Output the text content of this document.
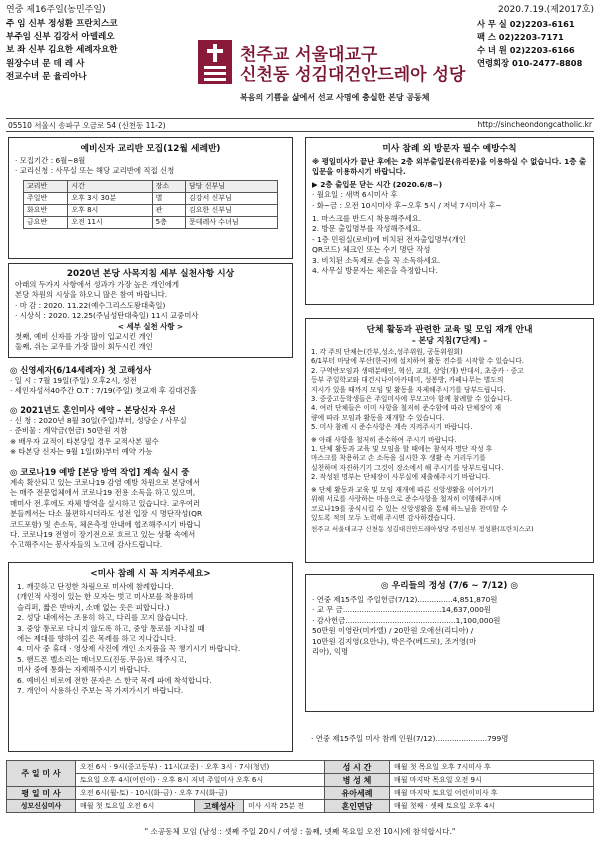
연중 제16주일(농민주일)	2020.7.19.(제2017호)
주 임 신부 정성환 프란치스코
부주임 신부 김강서 아델레오
보 좌 신부 김요한 세례자요한
원장수녀 문 데 레 사
전교수녀 문 율리아나
천주교 서울대교구
신천동 성김대건안드레아 성당
사 무 실 02)2203-6161
팩 스 02)2203-7171
수 녀 원 02)2203-6166
연령회장 010-2477-8808
복음의 기쁨을 삶에서 선교 사명에 충실한 본당 공동체
05510 서울시 송파구 오금로 54 (신천동 11-2)	http://sincheondongcatholic.kr
예비신자 교리반 모집(12월 세례반)
· 모집기간 : 6월~8월
· 교리신청 : 사무실 또는 해당 교리반에 직접 신청
교리반	시간	장소	담당 신부님
주일반	오후 3시 30분	별	김강서 신부님
화요반	오후 8시	관	김요한 신부님
금요반	오전 11시	5층	문데레사 수녀님
2020년 본당 사목지침 세부 실천사항 시상
아래의 두가지 사항에서 성과가 가장 높은 개인에게
본당 차원의 시상을 하오니 많은 참여 바랍니다.
· 마 감 : 2020. 11.22(예수그리스도왕대축일)
· 시상식 : 2020. 12.25(주님성탄대축일) 11시 교중미사
< 세부 실천 사항 >
첫째, 예비 신자를 가장 많이 입교시킨 개인
둘째, 쉬는 교우를 가장 많이 회두시킨 개인
◎ 신영세자(6/14세례자) 첫 고해성사
· 일 시 : 7월 19일(주일) 오후2시, 성전
· 세인자성서40주간 O.T : 7/19(주일) 첫교재 후 김대건홀
◎ 2021년도 혼인미사 예약 – 본당신자 우선
· 신 청 : 2020년 8월 30일(주일)부터, 성당순 / 사무실
· 준비물 : 계약금(현금) 50만원 지참
※ 배우자 교적이 타본당일 경우 교적사본 필수
※ 타본당 신자는 9월 1일(화)부터 예약 가능
◎ 코로나19 예방 [본당 방역 작업] 계속 실시 중
계속 확산되고 있는 코로나19 감염 예방 차원으로 본당에서
는 매주 전문업체에서 코로나19 전용 소독을 하고 있으며,
매미사 전.후에도 자체 방역을 실시하고 있습니다. 교우여러
분들께서는 다소 불편하시더라도 성전 입장 시 명단작성(QR
코드포함) 및 손소독, 체온측정 안내에 협조해주시기 바랍니
다. 코로나19 전염이 장기전으로 흐르고 있는 상황 속에서
수고해주시는 봉사자들의 노고에 감사드립니다.
<미사 참례 시 꼭 지켜주세요>
1. 깨끗하고 단정한 차림으로 미사에 참례합니다.
(개인적 사정이 있는 한 모자는 벗고 미사보를 착용하며
슬리퍼, 짧은 반바지, 소매 없는 옷은 피합니다.)
2. 성당 내에서는 조용히 하고, 다리를 꼬지 않습니다.
3. 중앙 통로로 다니지 않도록 하고, 중앙 통로를 지나칠 때
에는 제대를 향하여 깊은 목례를 하고 지나갑니다.
4. 미사 중 휴대 · 영상제 사진에 개인 소지품을 꼭 챙기시기 바랍니다.
5. 핸드폰 벨소리는 매너모드(진동.무음)로 해주시고,
미사 중에 통화는 자제해주시기 바랍니다.
6. 예비신 비로에 전한 문자은 스 한국 목례 파에 착석합니다.
7. 개인이 사용하신 주보는 꼭 가져가시기 바랍니다.
미사 참례 외 방문자 필수 예방수칙
※ 평일미사가 끝난 후에는 2층 외부출입문(유리문)을 이용하실 수 없습니다. 1층 출입문을 이용하시기 바랍니다.
▶ 2층 출입문 닫는 시간 (2020.6/8~)
· 월요일 : 새벽 6시미사 후
· 화~금 : 오전 10시미사 후~오후 5시 / 저녁 7시미사 후~
1. 마스크를 반드시 착용해주세요.
2. 방문 출입명부를 작성해주세요.
- 1층 민원실(로비)에 비치된 전자출입명부(개인
QR코드) 체크인 또는 수기 명단 작성
3. 비치된 소독제로 손을 꼭 소독하세요.
4. 사무실 방문자는 체온을 측정합니다.
단체 활동과 관련한 교육 및 모임 재개 안내
– 본당 지침(7단계) –
1. 각 주의 단체는(간부,성소,성주위원, 공동위원회)
6/1부터 마당에 부산(한국)에 설치하여 활동 전수를 시작할 수 있습니다.
2. 구역반모임과 생태분배인, 혁신, 교회, 상앙(개) 반대서, 초중카 · 중고
등부 주일학교와 대건시나이아카데미, 성봉방, 카페나무는 별도의
지시가 있을 때까지 모임 및 활동을 자제해주시기를 당부드립니다.
3. 중중고등학생들은 주일미사에 무모고아 함께 참례할 수 있습니다.
4. 여러 단체들은 이미 사항을 철저히 준수함에 따라 단체장이 재
량에 따라 모임과 활동을 재개할 수 있습니다.
5. 미사 참례 시 준수사항은 계속 지켜주시기 바랍니다.
※ 아래 사항을 철저히 준수하여 주시기 바랍니다.
1. 단체 활동과 교육 및 모임을 할 때에는 참석자 명단 작성 후
마스크를 착용하고 손 소독을 실시한 후 생활 속 거리두기를
실천하며 자진하기기 그것이 장소에서 해 주시기를 당부드립니다.
2. 작성된 명부는 단체장이 사무실에 제출해주시기 바랍니다.
※ 단체 활동과 교육 및 모임 재개에 따른 신앙생활을 이어가기
위해 서로를 사랑하는 마음으로 준수사항을 철저히 이행해주시며
코로나19를 종식시킬 수 있는 신앙생활을 통해 하느님을 찬미할 수
있도록 적의 모두 노력해 주시면 감사하겠습니다.
천주교 서울대교구 신천동 성김대건안드레아성당 주임신부 정성환(프란치스코)
◎ 우리들의 정성 (7/6 ~ 7/12) ◎
· 연중 제15주일 주일헌금(7/12)...............4,851,870원
· 교 무 금..........................................14,637,000원
· 감사헌금...............................................1,100,000원
50만원 이영란(미카엘) / 20만원 오애선(리디아) /
10만원 김지영(요안나), 박은주(베드로), 조거영(마
리아), 익명
· 연중 제15주일 미사 참례 인원(7/12)......................799명
주 일 미 사	오전 6시 · 9시(중고등부) · 11시(교중) · 오후 3시 · 7시(청년)	성 시 간	매월 첫 목요일 오후 7시미사 후
토요일 오후 4시(어린이) · 오후 8시 저녁 주일미사 오후 6시	병 성 체	매월 마지막 목요일 오전 9시
평 일 미 사	오전 6시(월-토) · 10시(화-금) · 오후 7시(화-금)	유아세례	매월 마지막 토요일 어린이미사 후
성모신심미사		매월 첫 토요일 오전 6시	고해성사	미사 시작 25분 전
		혼인면담	매월 첫째 · 셋째 토요일 오후 4시
" 소공동체 모임 (남성 : 셋째 주일 20시 / 여성 : 둘째, 넷째 목요일 오전 10시)에 참석합시다."
